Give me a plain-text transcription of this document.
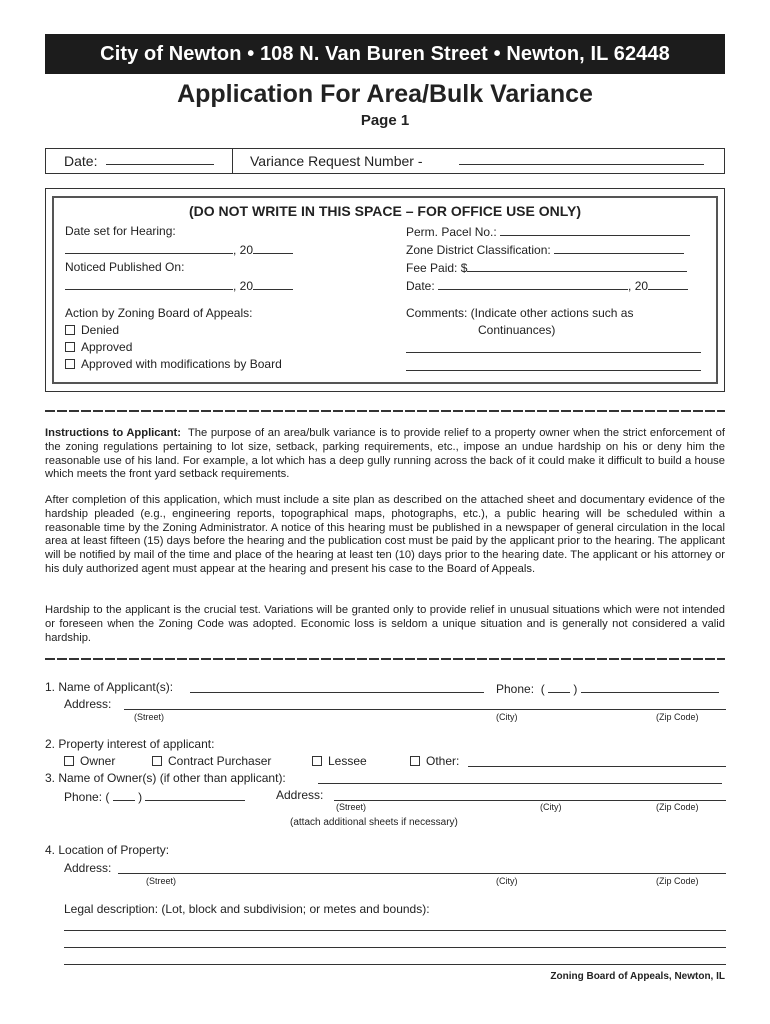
City of Newton • 108 N. Van Buren Street • Newton, IL 62448
Application For Area/Bulk Variance
Page 1
Date:	Variance Request Number -
(DO NOT WRITE IN THIS SPACE – FOR OFFICE USE ONLY)
Date set for Hearing:
, 20
Noticed Published On:
, 20
Action by Zoning Board of Appeals:
Denied
Approved
Approved with modifications by Board
Perm. Pacel No.:
Zone District Classification:
Fee Paid: $
Date:	, 20
Comments: (Indicate other actions such as
Continuances)
Instructions to Applicant: The purpose of an area/bulk variance is to provide relief to a property owner when the strict enforcement of the zoning regulations pertaining to lot size, setback, parking requirements, etc., impose an undue hardship on his or deny him the reasonable use of his land. For example, a lot which has a deep gully running across the back of it could make it difficult to build a house which meets the front yard setback requirements.
After completion of this application, which must include a site plan as described on the attached sheet and documentary evidence of the hardship pleaded (e.g., engineering reports, topographical maps, photographs, etc.), a public hearing will be scheduled within a reasonable time by the Zoning Administrator. A notice of this hearing must be published in a newspaper of general circulation in the local area at least fifteen (15) days before the hearing and the publication cost must be paid by the applicant prior to the hearing. The applicant will be notified by mail of the time and place of the hearing at least ten (10) days prior to the hearing date. The applicant or his attorney or his duly authorized agent must appear at the hearing and present his case to the Board of Appeals.
Hardship to the applicant is the crucial test. Variations will be granted only to provide relief in unusual situations which were not intended or foreseen when the Zoning Code was adopted. Economic loss is seldom a unique situation and is generally not considered a valid hardship.
1. Name of Applicant(s):	Phone: ( )
Address:
(Street)	(City)	(Zip Code)
2. Property interest of applicant:
Owner	Contract Purchaser	Lessee	Other:
3. Name of Owner(s) (if other than applicant):
Phone: ( )	Address:
(Street)	(City)	(Zip Code)
(attach additional sheets if necessary)
4. Location of Property:
Address:
(Street)	(City)	(Zip Code)
Legal description: (Lot, block and subdivision; or metes and bounds):
Zoning Board of Appeals, Newton, IL
